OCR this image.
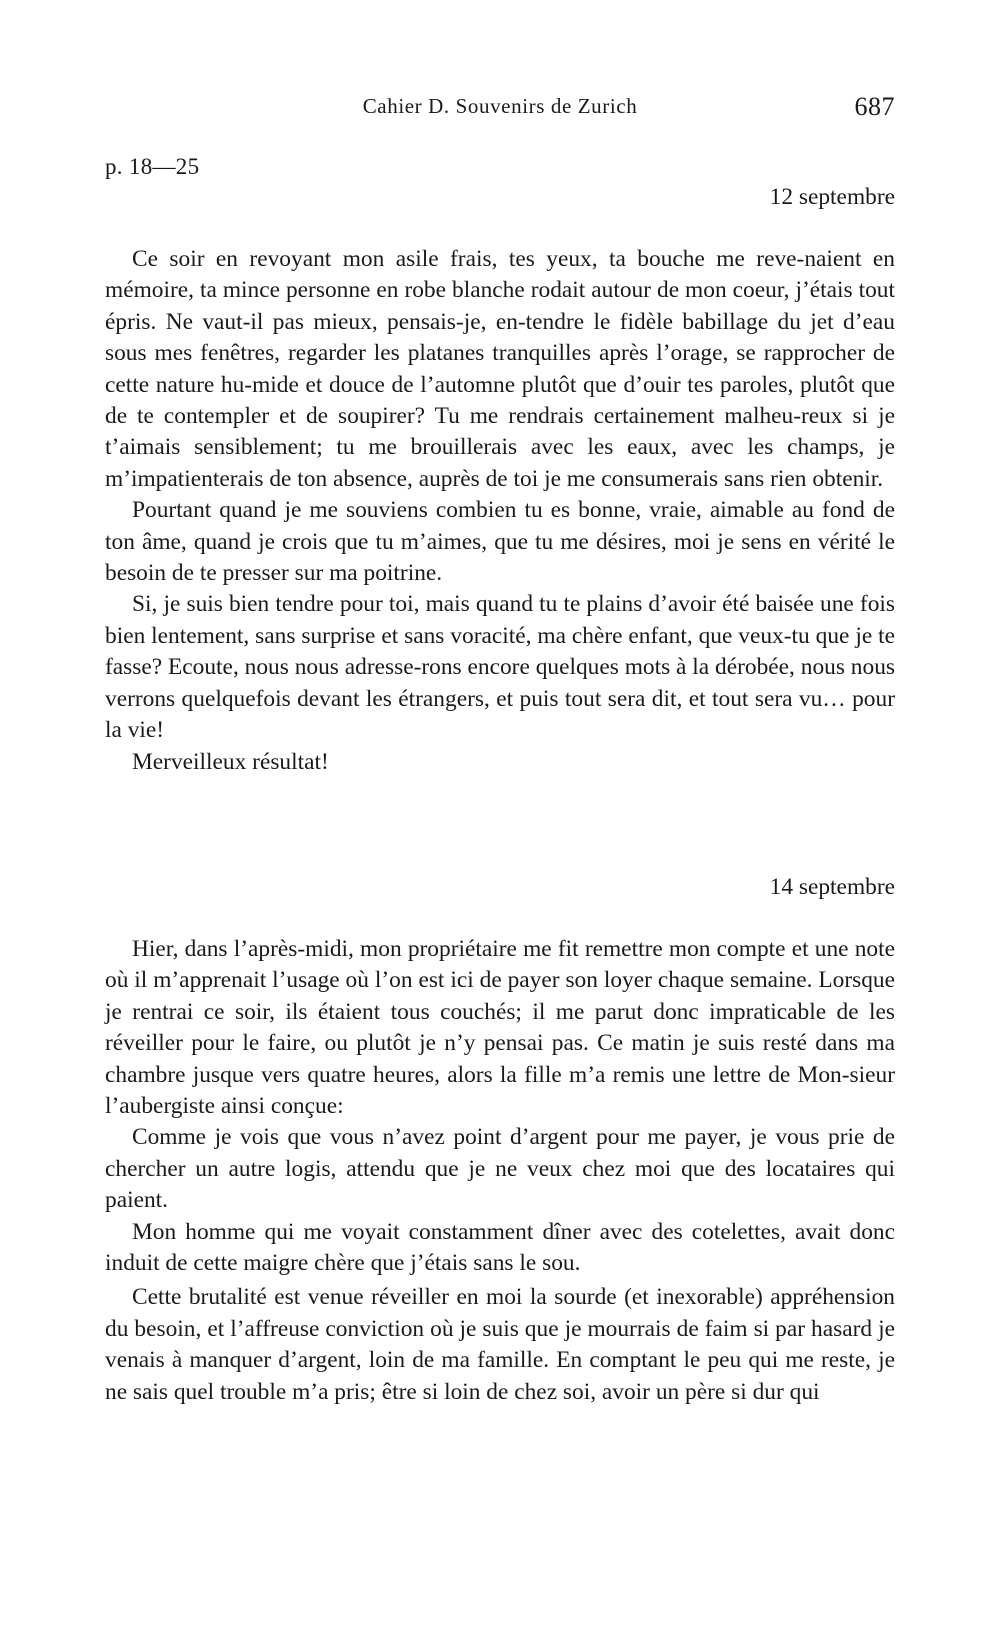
Cahier D. Souvenirs de Zurich	687
p. 18—25

12 septembre

Ce soir en revoyant mon asile frais, tes yeux, ta bouche me reve-naient en mémoire, ta mince personne en robe blanche rodait autour de mon coeur, j’étais tout épris. Ne vaut-il pas mieux, pensais-je, en-tendre le fidèle babillage du jet d’eau sous mes fenêtres, regarder les platanes tranquilles après l’orage, se rapprocher de cette nature hu-mide et douce de l’automne plutôt que d’ouir tes paroles, plutôt que de te contempler et de soupirer? Tu me rendrais certainement malheu-reux si je t’aimais sensiblement; tu me brouillerais avec les eaux, avec les champs, je m’impatienterais de ton absence, auprès de toi je me consumerais sans rien obtenir.

Pourtant quand je me souviens combien tu es bonne, vraie, aimable au fond de ton âme, quand je crois que tu m’aimes, que tu me désires, moi je sens en vérité le besoin de te presser sur ma poitrine.

Si, je suis bien tendre pour toi, mais quand tu te plains d’avoir été baisée une fois bien lentement, sans surprise et sans voracité, ma chère enfant, que veux-tu que je te fasse? Ecoute, nous nous adresse-rons encore quelques mots à la dérobée, nous nous verrons quelquefois devant les étrangers, et puis tout sera dit, et tout sera vu… pour la vie!

Merveilleux résultat!

14 septembre

Hier, dans l’après-midi, mon propriétaire me fit remettre mon compte et une note où il m’apprenait l’usage où l’on est ici de payer son loyer chaque semaine. Lorsque je rentrai ce soir, ils étaient tous couchés; il me parut donc impraticable de les réveiller pour le faire, ou plutôt je n’y pensai pas. Ce matin je suis resté dans ma chambre jusque vers quatre heures, alors la fille m’a remis une lettre de Mon-sieur l’aubergiste ainsi conçue:

Comme je vois que vous n’avez point d’argent pour me payer, je vous prie de chercher un autre logis, attendu que je ne veux chez moi que des locataires qui paient.

Mon homme qui me voyait constamment dîner avec des cotelettes, avait donc induit de cette maigre chère que j’étais sans le sou.

Cette brutalité est venue réveiller en moi la sourde (et inexorable) appréhension du besoin, et l’affreuse conviction où je suis que je mourrais de faim si par hasard je venais à manquer d’argent, loin de ma famille. En comptant le peu qui me reste, je ne sais quel trouble m’a pris; être si loin de chez soi, avoir un père si dur qui
